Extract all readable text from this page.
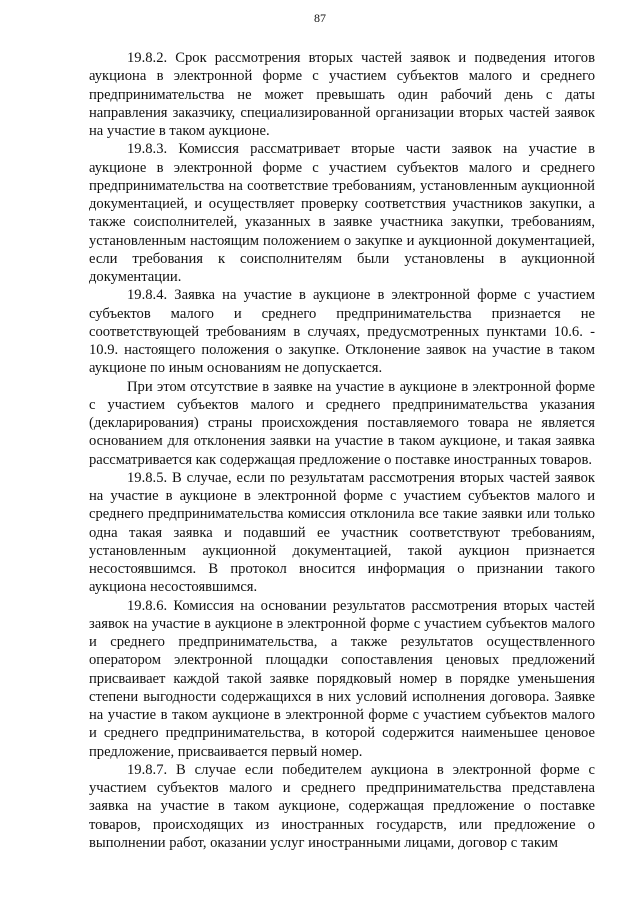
87

19.8.2. Срок рассмотрения вторых частей заявок и подведения итогов аукциона в электронной форме с участием субъектов малого и среднего предпринимательства не может превышать один рабочий день с даты направления заказчику, специализированной организации вторых частей заявок на участие в таком аукционе.

19.8.3. Комиссия рассматривает вторые части заявок на участие в аукционе в электронной форме с участием субъектов малого и среднего предпринимательства на соответствие требованиям, установленным аукционной документацией, и осуществляет проверку соответствия участников закупки, а также соисполнителей, указанных в заявке участника закупки, требованиям, установленным настоящим положением о закупке и аукционной документацией, если требования к соисполнителям были установлены в аукционной документации.

19.8.4. Заявка на участие в аукционе в электронной форме с участием субъектов малого и среднего предпринимательства признается не соответствующей требованиям в случаях, предусмотренных пунктами 10.6. - 10.9. настоящего положения о закупке. Отклонение заявок на участие в таком аукционе по иным основаниям не допускается.

При этом отсутствие в заявке на участие в аукционе в электронной форме с участием субъектов малого и среднего предпринимательства указания (декларирования) страны происхождения поставляемого товара не является основанием для отклонения заявки на участие в таком аукционе, и такая заявка рассматривается как содержащая предложение о поставке иностранных товаров.

19.8.5. В случае, если по результатам рассмотрения вторых частей заявок на участие в аукционе в электронной форме с участием субъектов малого и среднего предпринимательства комиссия отклонила все такие заявки или только одна такая заявка и подавший ее участник соответствуют требованиям, установленным аукционной документацией, такой аукцион признается несостоявшимся. В протокол вносится информация о признании такого аукциона несостоявшимся.

19.8.6. Комиссия на основании результатов рассмотрения вторых частей заявок на участие в аукционе в электронной форме с участием субъектов малого и среднего предпринимательства, а также результатов осуществленного оператором электронной площадки сопоставления ценовых предложений присваивает каждой такой заявке порядковый номер в порядке уменьшения степени выгодности содержащихся в них условий исполнения договора. Заявке на участие в таком аукционе в электронной форме с участием субъектов малого и среднего предпринимательства, в которой содержится наименьшее ценовое предложение, присваивается первый номер.

19.8.7. В случае если победителем аукциона в электронной форме с участием субъектов малого и среднего предпринимательства представлена заявка на участие в таком аукционе, содержащая предложение о поставке товаров, происходящих из иностранных государств, или предложение о выполнении работ, оказании услуг иностранными лицами, договор с таким
